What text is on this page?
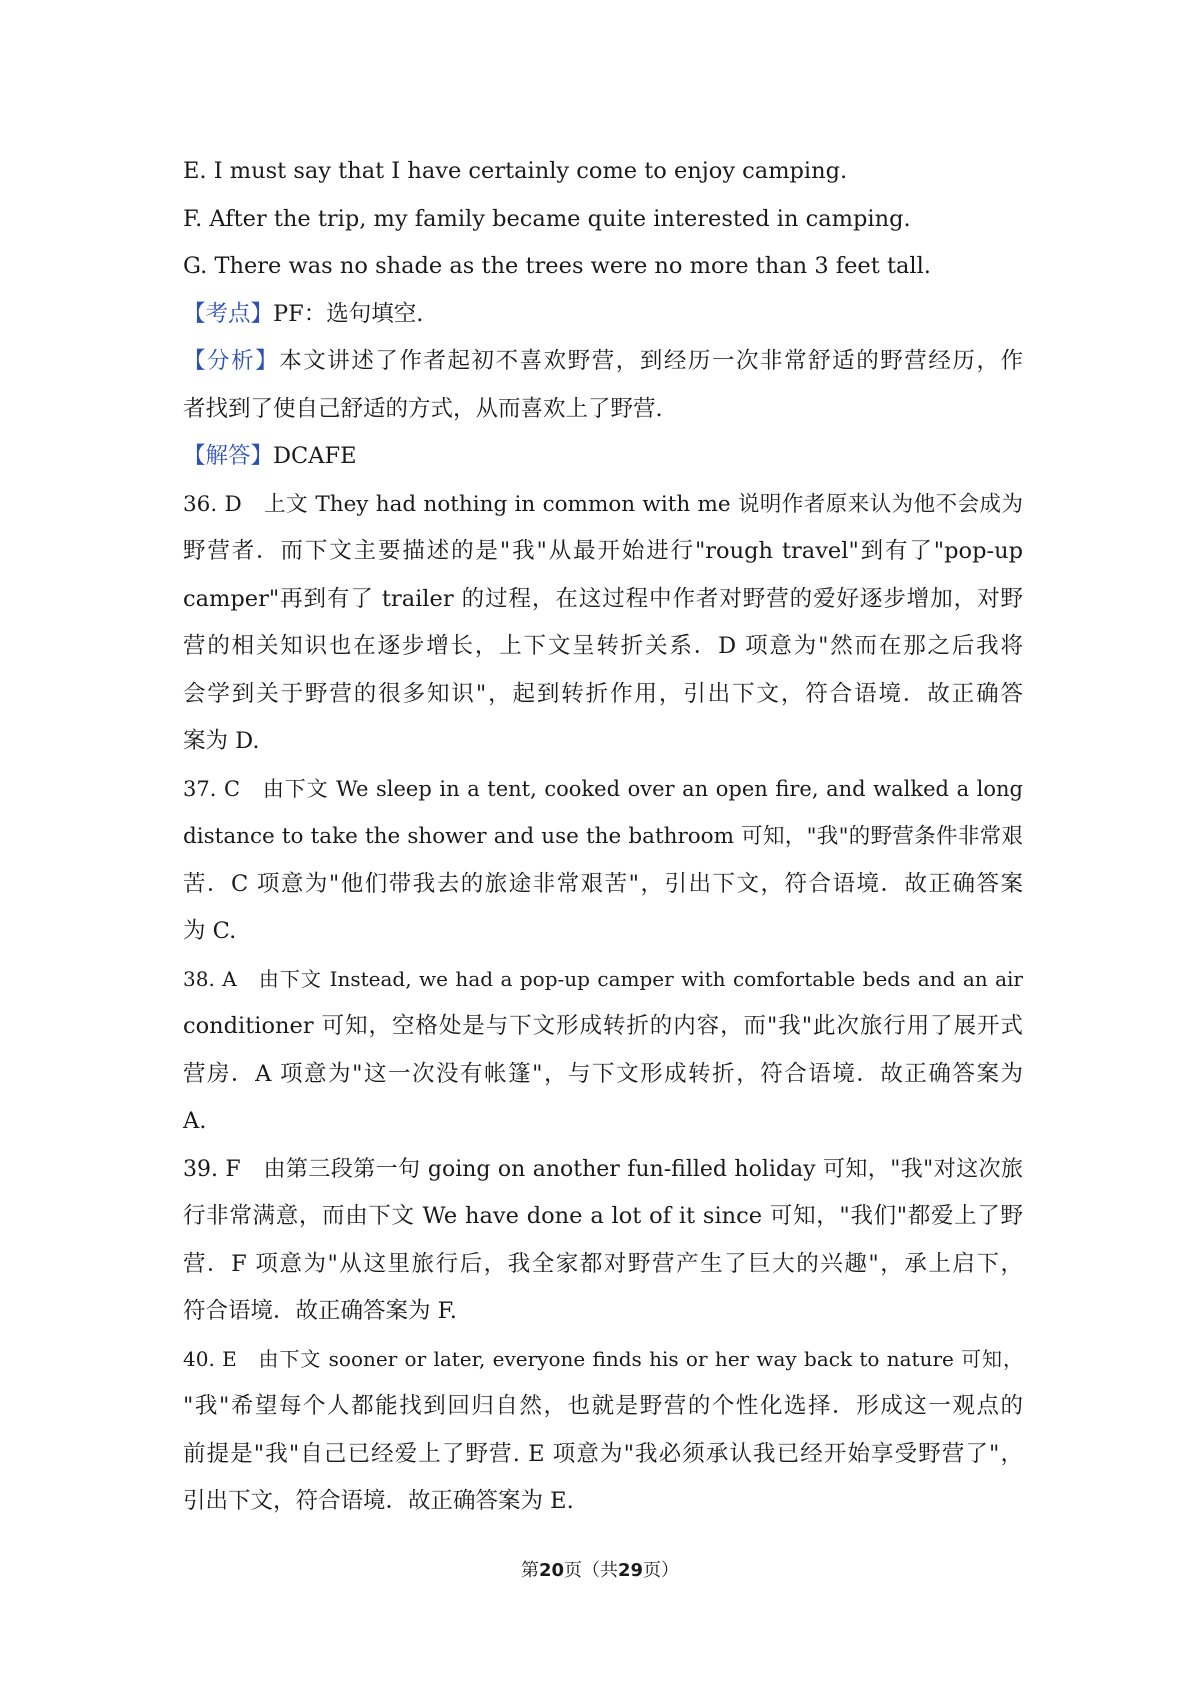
E. I must say that I have certainly come to enjoy camping.
F. After the trip, my family became quite interested in camping.
G. There was no shade as the trees were no more than 3 feet tall.
【考点】PF：选句填空.
【分析】本文讲述了作者起初不喜欢野营，到经历一次非常舒适的野营经历，作
者找到了使自己舒适的方式，从而喜欢上了野营.
【解答】DCAFE
36. D　上文 They had nothing in common with me 说明作者原来认为他不会成为
野营者．而下文主要描述的是"我"从最开始进行"rough travel"到有了"pop-up
camper"再到有了 trailer 的过程，在这过程中作者对野营的爱好逐步增加，对野
营的相关知识也在逐步增长，上下文呈转折关系．D 项意为"然而在那之后我将
会学到关于野营的很多知识"，起到转折作用，引出下文，符合语境．故正确答
案为 D.
37. C　由下文 We sleep in a tent, cooked over an open fire, and walked a long
distance to take the shower and use the bathroom 可知，"我"的野营条件非常艰
苦．C 项意为"他们带我去的旅途非常艰苦"，引出下文，符合语境．故正确答案
为 C.
38. A　由下文 Instead, we had a pop-up camper with comfortable beds and an air
conditioner 可知，空格处是与下文形成转折的内容，而"我"此次旅行用了展开式
营房．A 项意为"这一次没有帐篷"，与下文形成转折，符合语境．故正确答案为
A.
39. F　由第三段第一句 going on another fun-filled holiday 可知，"我"对这次旅
行非常满意，而由下文 We have done a lot of it since 可知，"我们"都爱上了野
营．F 项意为"从这里旅行后，我全家都对野营产生了巨大的兴趣"，承上启下，
符合语境．故正确答案为 F.
40. E　由下文 sooner or later, everyone finds his or her way back to nature 可知，
"我"希望每个人都能找到回归自然，也就是野营的个性化选择．形成这一观点的
前提是"我"自己已经爱上了野营. E 项意为"我必须承认我已经开始享受野营了"，
引出下文，符合语境．故正确答案为 E.
第20页（共29页）
